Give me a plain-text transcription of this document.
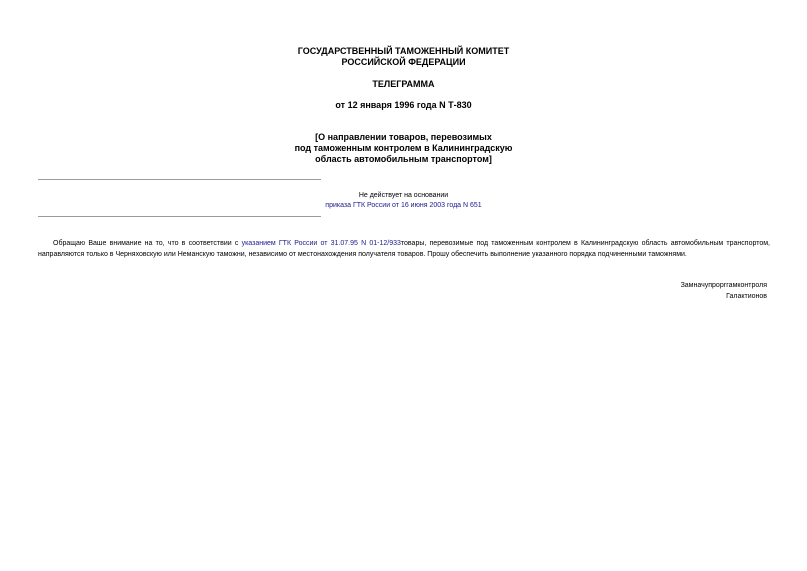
ГОСУДАРСТВЕННЫЙ ТАМОЖЕННЫЙ КОМИТЕТ
РОССИЙСКОЙ ФЕДЕРАЦИИ
ТЕЛЕГРАММА
от 12 января 1996 года N Т-830
[О направлении товаров, перевозимых
под таможенным контролем в Калининградскую
область автомобильным транспортом]
Не действует на основании
приказа ГТК России от 16 июня 2003 года N 651
Обращаю Ваше внимание на то, что в соответствии с указанием ГТК России от 31.07.95 N 01-12/933товары, перевозимые под таможенным контролем в Калининградскую область автомобильным транспортом, направляются только в Черняховскую или Неманскую таможни, независимо от местонахождения получателя товаров. Прошу обеспечить выполнение указанного порядка подчиненными таможнями.
Замначупрорггамконтроля
Галактионов
